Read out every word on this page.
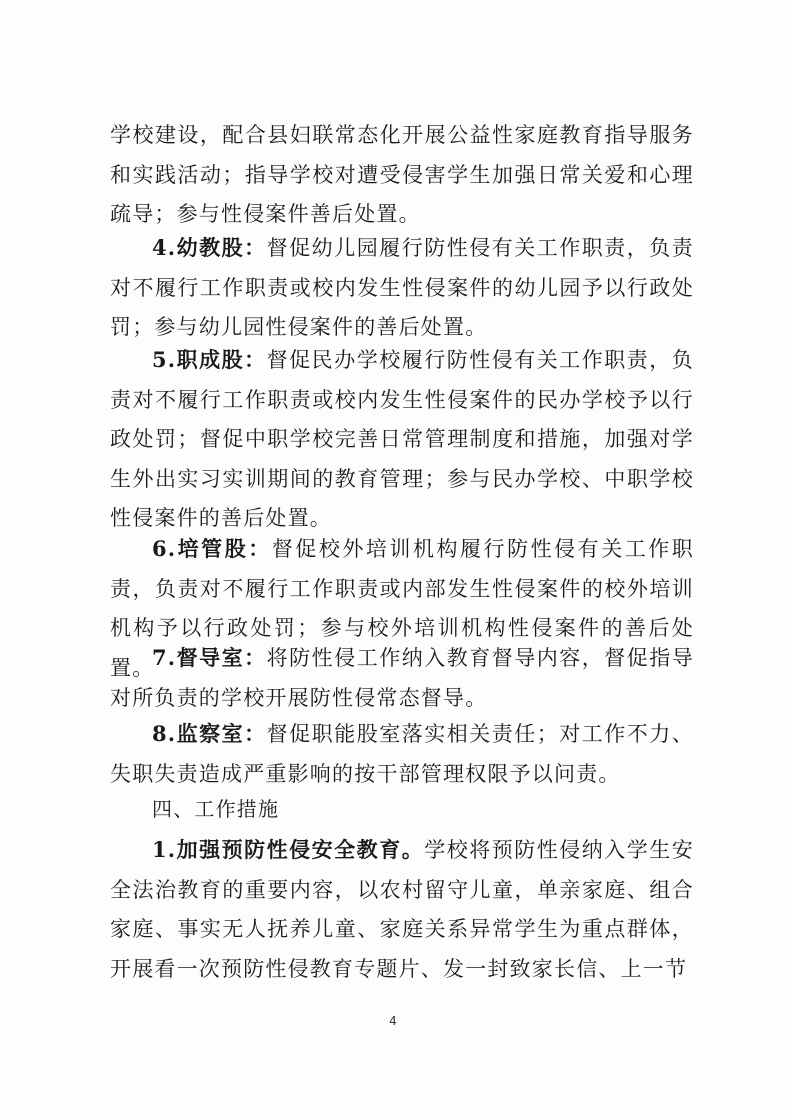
学校建设，配合县妇联常态化开展公益性家庭教育指导服务和实践活动；指导学校对遭受侵害学生加强日常关爱和心理疏导；参与性侵案件善后处置。

4.幼教股：督促幼儿园履行防性侵有关工作职责，负责对不履行工作职责或校内发生性侵案件的幼儿园予以行政处罚；参与幼儿园性侵案件的善后处置。

5.职成股：督促民办学校履行防性侵有关工作职责，负责对不履行工作职责或校内发生性侵案件的民办学校予以行政处罚；督促中职学校完善日常管理制度和措施，加强对学生外出实习实训期间的教育管理；参与民办学校、中职学校性侵案件的善后处置。

6.培管股：督促校外培训机构履行防性侵有关工作职责，负责对不履行工作职责或内部发生性侵案件的校外培训机构予以行政处罚；参与校外培训机构性侵案件的善后处置。

7.督导室：将防性侵工作纳入教育督导内容，督促指导对所负责的学校开展防性侵常态督导。

8.监察室：督促职能股室落实相关责任；对工作不力、失职失责造成严重影响的按干部管理权限予以问责。

四、工作措施

1.加强预防性侵安全教育。学校将预防性侵纳入学生安全法治教育的重要内容，以农村留守儿童，单亲家庭、组合家庭、事实无人抚养儿童、家庭关系异常学生为重点群体，开展看一次预防性侵教育专题片、发一封致家长信、上一节

4
